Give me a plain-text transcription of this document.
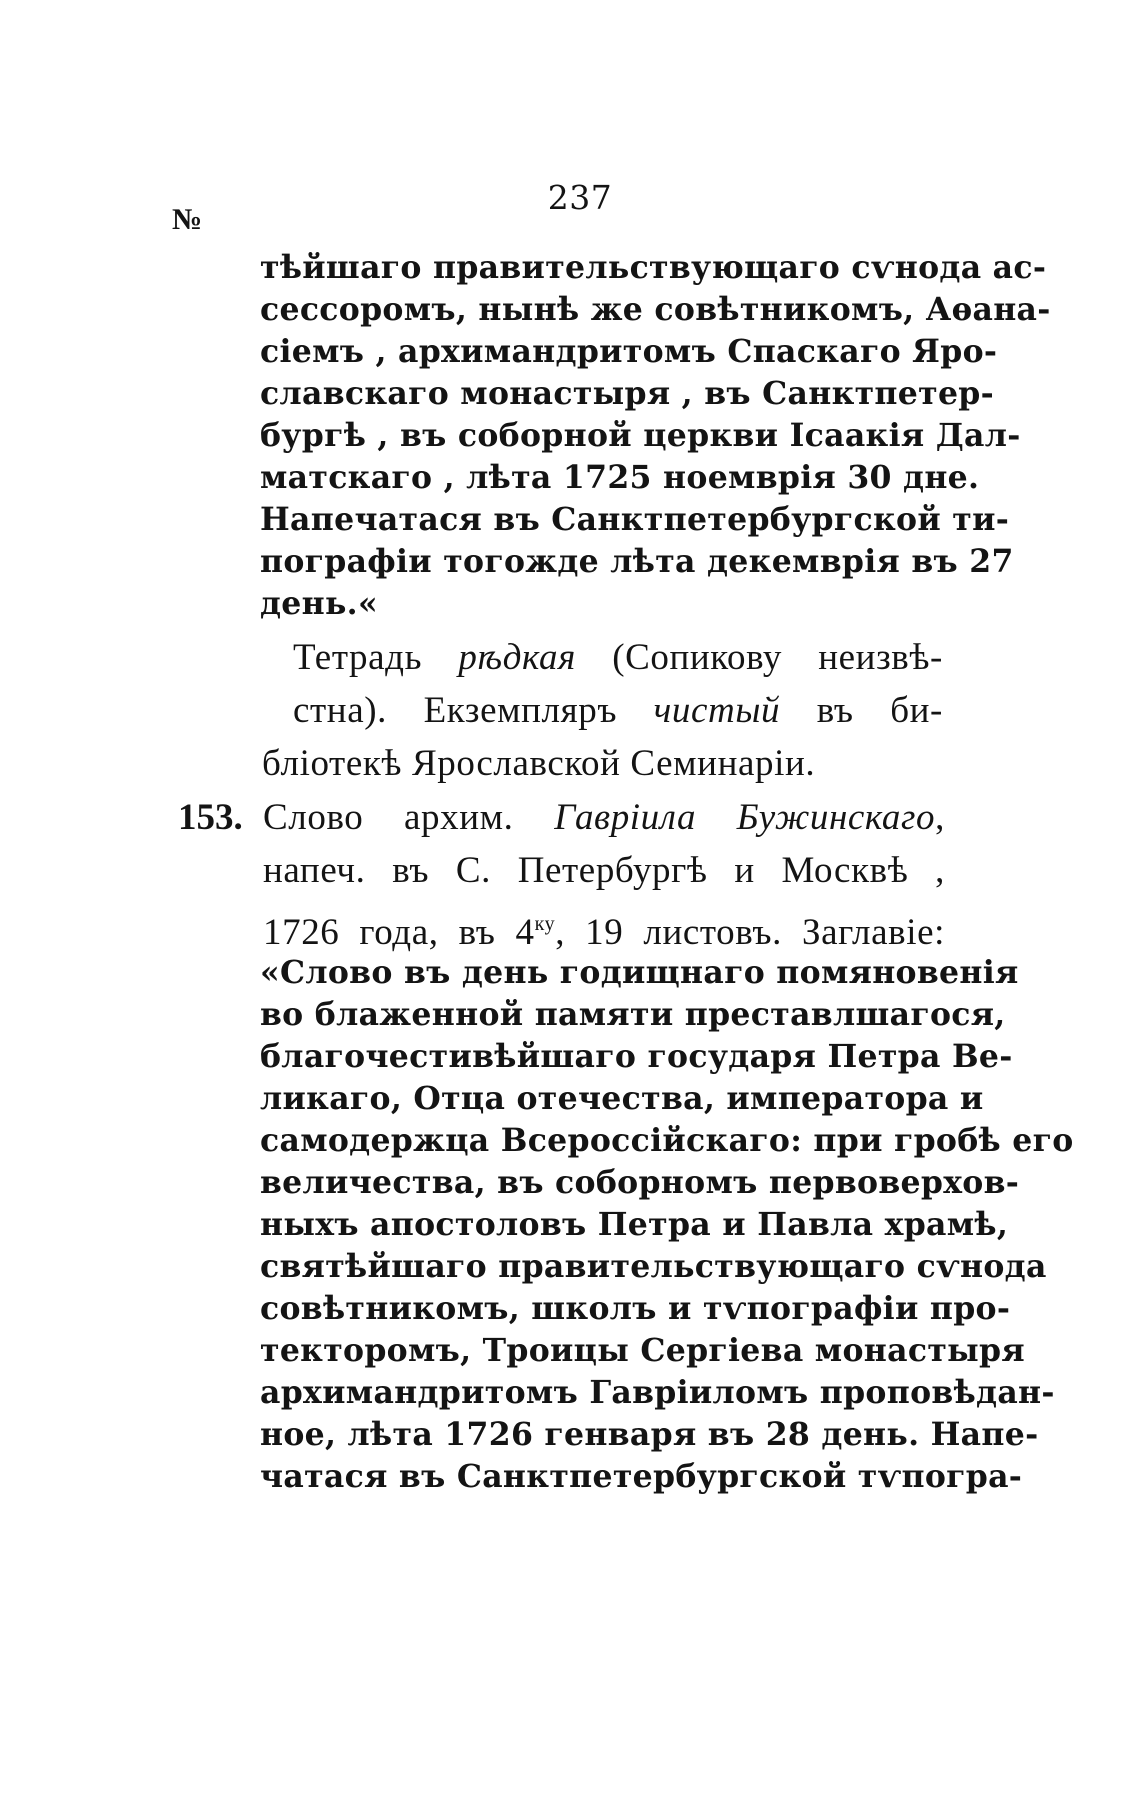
237
№
тѣйшаго правительствующаго сѵнода ас-
сессоромъ, нынѣ же совѣтникомъ, Аѳана-
сіемъ , архимандритомъ Спаскаго Яро-
славскаго монастыря , въ Санктпетер-
бургѣ , въ соборной церкви Ісаакія Дал-
матскаго , лѣта 1725 ноемврія 30 дне.
Напечатася въ Санктпетербургской ти-
пографіи тогожде лѣта декемврія въ 27
день.«
Тетрадь рѣдкая (Сопикову неизвѣ-
стна). Екземпляръ чистый въ би-
бліотекѣ Ярославской Семинаріи.
153. Слово архим. Гавріила Бужинскаго,
напеч. въ С. Петербургѣ и Москвѣ ,
1726 года, въ $4^{ку}$, 19 листовъ. Заглавіе:
«Слово въ день годищнаго помяновенія
во блаженной памяти преставлшагося,
благочестивѣйшаго государя Петра Ве-
ликаго, Отца отечества, императора и
самодержца Всероссійскаго: при гробѣ его
величества, въ соборномъ первоверхов-
ныхъ апостоловъ Петра и Павла храмѣ,
святѣйшаго правительствующаго сѵнода
совѣтникомъ, школъ и тѵпографіи про-
текторомъ, Троицы Сергіева монастыря
архимандритомъ Гавріиломъ проповѣдан-
ное, лѣта 1726 генваря въ 28 день. Напе-
чатася въ Санктпетербургской тѵпогра-
